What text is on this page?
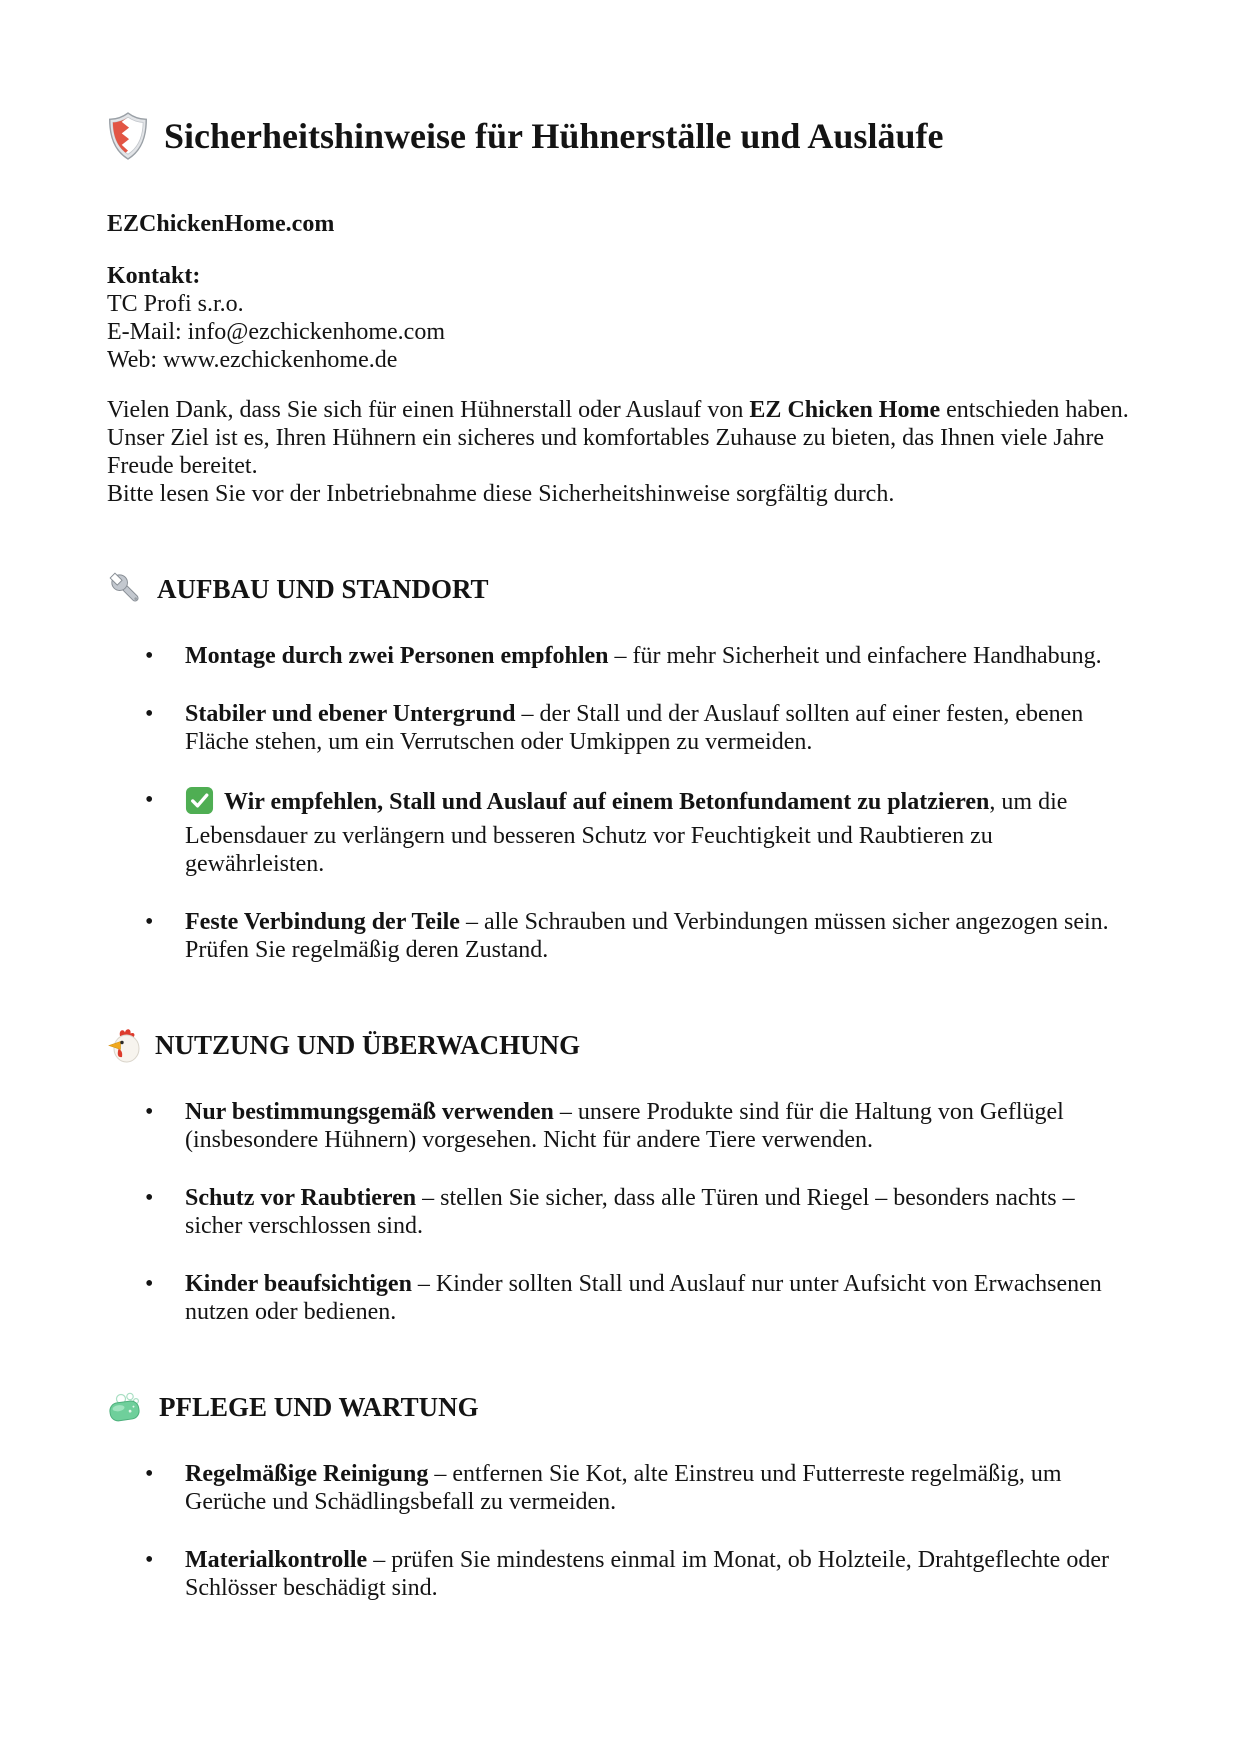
Sicherheitshinweise für Hühnerställe und Ausläufe

EZChickenHome.com

Kontakt:
TC Profi s.r.o.
E-Mail: info@ezchickenhome.com
Web: www.ezchickenhome.de

Vielen Dank, dass Sie sich für einen Hühnerstall oder Auslauf von EZ Chicken Home entschieden haben. Unser Ziel ist es, Ihren Hühnern ein sicheres und komfortables Zuhause zu bieten, das Ihnen viele Jahre Freude bereitet.

Bitte lesen Sie vor der Inbetriebnahme diese Sicherheitshinweise sorgfältig durch.

AUFBAU UND STANDORT
•	Montage durch zwei Personen empfohlen – für mehr Sicherheit und einfachere Handhabung.
•	Stabiler und ebener Untergrund – der Stall und der Auslauf sollten auf einer festen, ebenen Fläche stehen, um ein Verrutschen oder Umkippen zu vermeiden.
•	Wir empfehlen, Stall und Auslauf auf einem Betonfundament zu platzieren, um die Lebensdauer zu verlängern und besseren Schutz vor Feuchtigkeit und Raubtieren zu gewährleisten.
•	Feste Verbindung der Teile – alle Schrauben und Verbindungen müssen sicher angezogen sein. Prüfen Sie regelmäßig deren Zustand.
NUTZUNG UND ÜBERWACHUNG
•	Nur bestimmungsgemäß verwenden – unsere Produkte sind für die Haltung von Geflügel (insbesondere Hühnern) vorgesehen. Nicht für andere Tiere verwenden.
•	Schutz vor Raubtieren – stellen Sie sicher, dass alle Türen und Riegel – besonders nachts – sicher verschlossen sind.
•	Kinder beaufsichtigen – Kinder sollten Stall und Auslauf nur unter Aufsicht von Erwachsenen nutzen oder bedienen.
PFLEGE UND WARTUNG
•	Regelmäßige Reinigung – entfernen Sie Kot, alte Einstreu und Futterreste regelmäßig, um Gerüche und Schädlingsbefall zu vermeiden.
•	Materialkontrolle – prüfen Sie mindestens einmal im Monat, ob Holzteile, Drahtgeflechte oder Schlösser beschädigt sind.
